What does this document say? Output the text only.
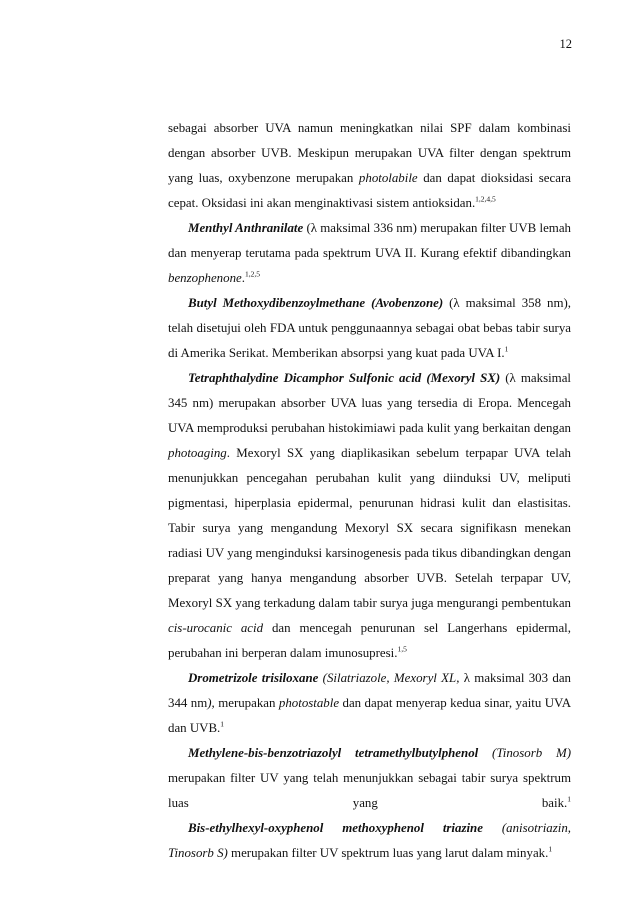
12

sebagai absorber UVA namun meningkatkan nilai SPF dalam kombinasi dengan absorber UVB. Meskipun merupakan UVA filter dengan spektrum yang luas, oxybenzone merupakan photolabile dan dapat dioksidasi secara cepat. Oksidasi ini akan menginaktivasi sistem antioksidan.$^{1,2,4,5}$

Menthyl Anthranilate (λ maksimal 336 nm) merupakan filter UVB lemah dan menyerap terutama pada spektrum UVA II. Kurang efektif dibandingkan benzophenone.$^{1,2,5}$

Butyl Methoxydibenzoylmethane (Avobenzone) (λ maksimal 358 nm), telah disetujui oleh FDA untuk penggunaannya sebagai obat bebas tabir surya di Amerika Serikat. Memberikan absorpsi yang kuat pada UVA I.$^1$

Tetraphthalydine Dicamphor Sulfonic acid (Mexoryl SX) (λ maksimal 345 nm) merupakan absorber UVA luas yang tersedia di Eropa. Mencegah UVA memproduksi perubahan histokimiawi pada kulit yang berkaitan dengan photoaging. Mexoryl SX yang diaplikasikan sebelum terpapar UVA telah menunjukkan pencegahan perubahan kulit yang diinduksi UV, meliputi pigmentasi, hiperplasia epidermal, penurunan hidrasi kulit dan elastisitas. Tabir surya yang mengandung Mexoryl SX secara signifikasn menekan radiasi UV yang menginduksi karsinogenesis pada tikus dibandingkan dengan preparat yang hanya mengandung absorber UVB. Setelah terpapar UV, Mexoryl SX yang terkadung dalam tabir surya juga mengurangi pembentukan cis-urocanic acid dan mencegah penurunan sel Langerhans epidermal, perubahan ini berperan dalam imunosupresi.$^{1,5}$

Drometrizole trisiloxane (Silatriazole, Mexoryl XL, λ maksimal 303 dan 344 nm), merupakan photostable dan dapat menyerap kedua sinar, yaitu UVA dan UVB.$^1$

Methylene-bis-benzotriazolyl tetramethylbutylphenol (Tinosorb M) merupakan filter UV yang telah menunjukkan sebagai tabir surya spektrum luas yang baik.$^1$

Bis-ethylhexyl-oxyphenol methoxyphenol triazine (anisotriazin, Tinosorb S) merupakan filter UV spektrum luas yang larut dalam minyak.$^1$
